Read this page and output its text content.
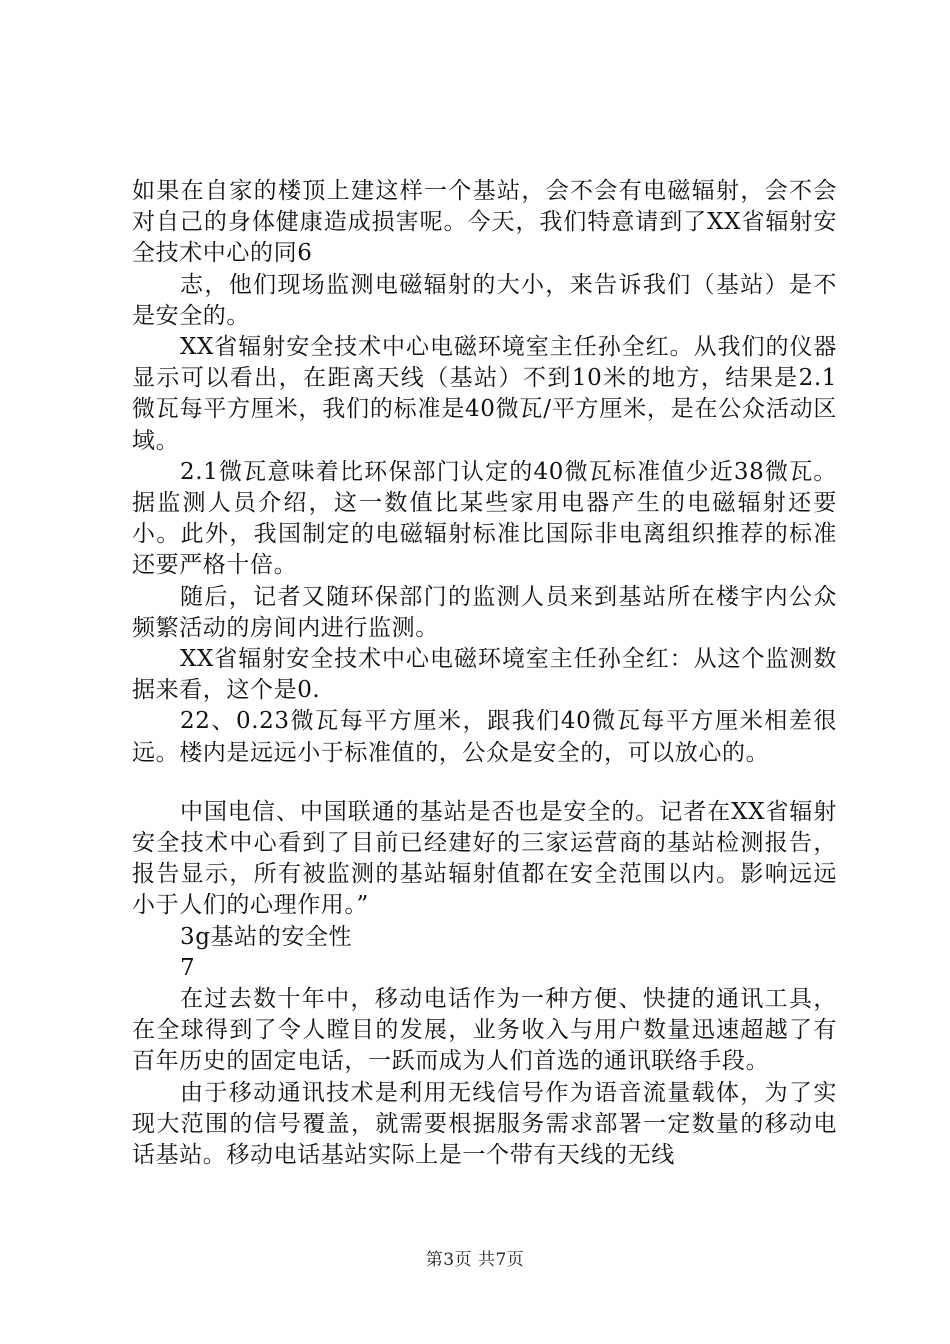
如果在自家的楼顶上建这样一个基站，会不会有电磁辐射，会不会对自己的身体健康造成损害呢。今天，我们特意请到了XX省辐射安全技术中心的同6

志，他们现场监测电磁辐射的大小，来告诉我们（基站）是不是安全的。

XX省辐射安全技术中心电磁环境室主任孙全红。从我们的仪器显示可以看出，在距离天线（基站）不到10米的地方，结果是2.1微瓦每平方厘米，我们的标准是40微瓦/平方厘米，是在公众活动区域。

2.1微瓦意味着比环保部门认定的40微瓦标准值少近38微瓦。据监测人员介绍，这一数值比某些家用电器产生的电磁辐射还要小。此外，我国制定的电磁辐射标准比国际非电离组织推荐的标准还要严格十倍。

随后，记者又随环保部门的监测人员来到基站所在楼宇内公众频繁活动的房间内进行监测。

XX省辐射安全技术中心电磁环境室主任孙全红：从这个监测数据来看，这个是0.

22、0.23微瓦每平方厘米，跟我们40微瓦每平方厘米相差很远。楼内是远远小于标准值的，公众是安全的，可以放心的。

中国电信、中国联通的基站是否也是安全的。记者在XX省辐射安全技术中心看到了目前已经建好的三家运营商的基站检测报告，报告显示，所有被监测的基站辐射值都在安全范围以内。影响远远小于人们的心理作用。”

3g基站的安全性

7

在过去数十年中，移动电话作为一种方便、快捷的通讯工具，在全球得到了令人瞠目的发展，业务收入与用户数量迅速超越了有百年历史的固定电话，一跃而成为人们首选的通讯联络手段。

由于移动通讯技术是利用无线信号作为语音流量载体，为了实现大范围的信号覆盖，就需要根据服务需求部署一定数量的移动电话基站。移动电话基站实际上是一个带有天线的无线

第3页 共7页
